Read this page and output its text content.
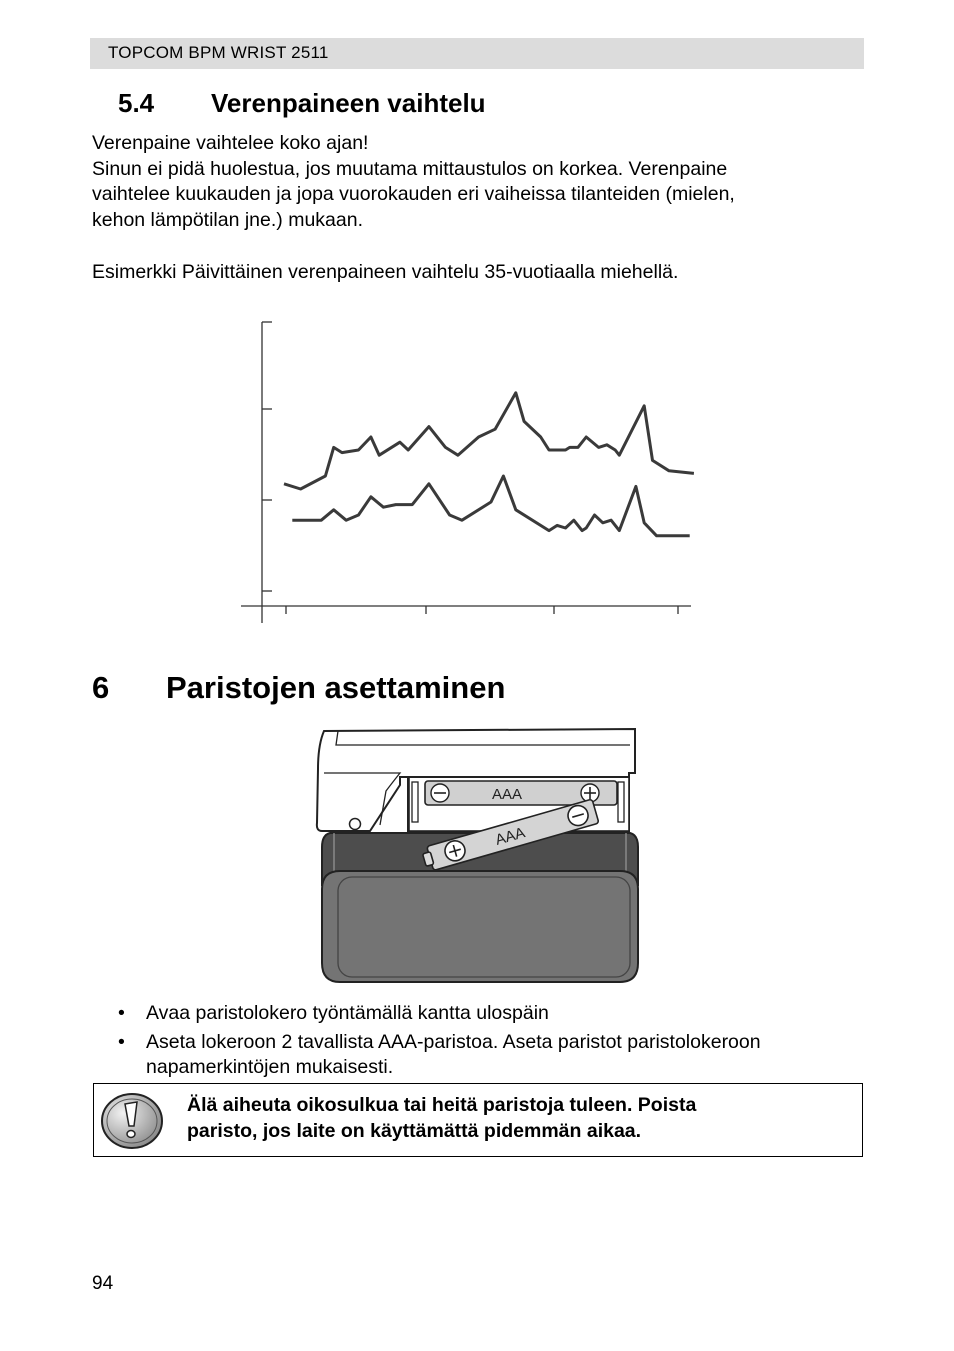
TOPCOM BPM WRIST 2511
5.4 Verenpaineen vaihtelu
Verenpaine vaihtelee koko ajan!
Sinun ei pidä huolestua, jos muutama mittaustulos on korkea. Verenpaine
vaihtelee kuukauden ja jopa vuorokauden eri vaiheissa tilanteiden (mielen,
kehon lämpötilan jne.) mukaan.
Esimerkki Päivittäinen verenpaineen vaihtelu 35-vuotiaalla miehellä.
6 Paristojen asettaminen
AAA
AAA
• Avaa paristolokero työntämällä kantta ulospäin
• Aseta lokeroon 2 tavallista AAA-paristoa. Aseta paristot paristolokeroon napamerkintöjen mukaisesti.
Älä aiheuta oikosulkua tai heitä paristoja tuleen. Poista
paristo, jos laite on käyttämättä pidemmän aikaa.
94
